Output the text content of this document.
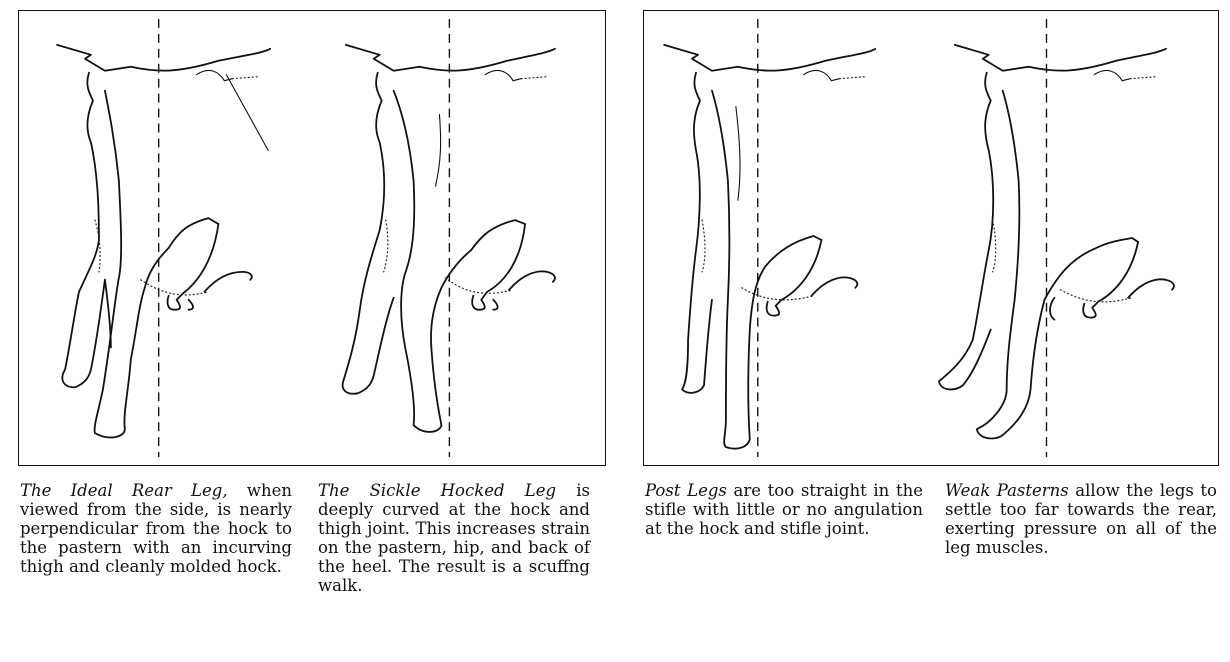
The Ideal Rear Leg, when viewed from the side, is nearly perpendicular from the hock to the pastern with an incurving thigh and cleanly molded hock.

The Sickle Hocked Leg is deeply curved at the hock and thigh joint. This increases strain on the pastern, hip, and back of the heel. The result is a scuffng walk.

Post Legs are too straight in the stifle with little or no angulation at the hock and stifle joint.

Weak Pasterns allow the legs to settle too far towards the rear, exerting pressure on all of the leg muscles.
